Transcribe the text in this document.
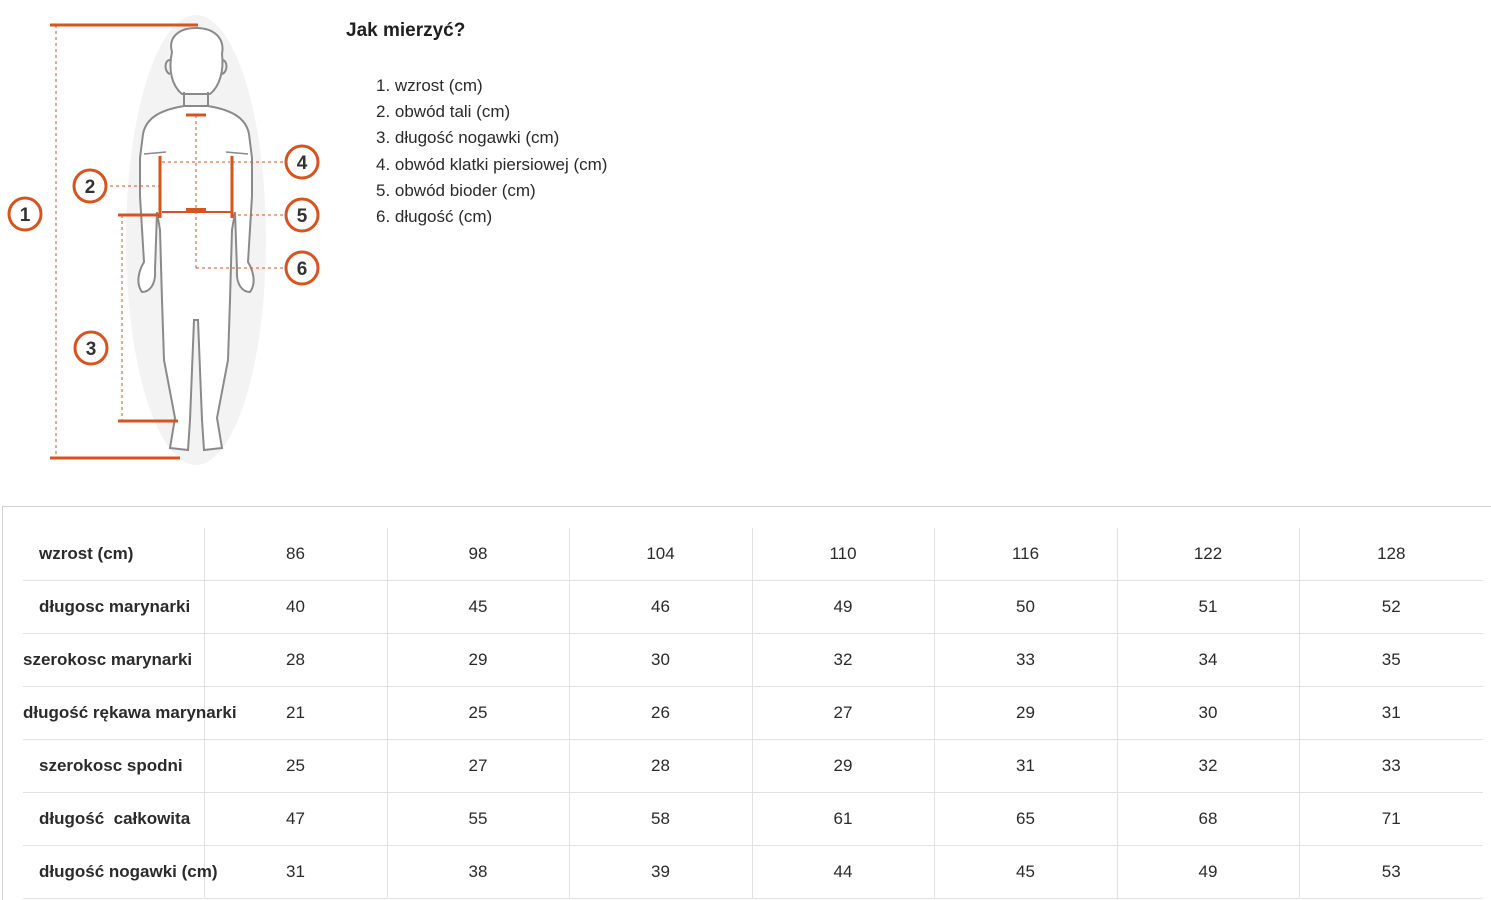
1
2
3
4
5
6
Jak mierzyć?
1. wzrost (cm)
2. obwód tali (cm)
3. długość nogawki (cm)
4. obwód klatki piersiowej (cm)
5. obwód bioder (cm)
6. długość (cm)
wzrost (cm)	86	98	104	110	116	122	128
długosc marynarki	40	45	46	49	50	51	52
szerokosc marynarki	28	29	30	32	33	34	35
długość rękawa marynarki	21	25	26	27	29	30	31
szerokosc spodni	25	27	28	29	31	32	33
długość  całkowita	47	55	58	61	65	68	71
długość nogawki (cm)	31	38	39	44	45	49	53
